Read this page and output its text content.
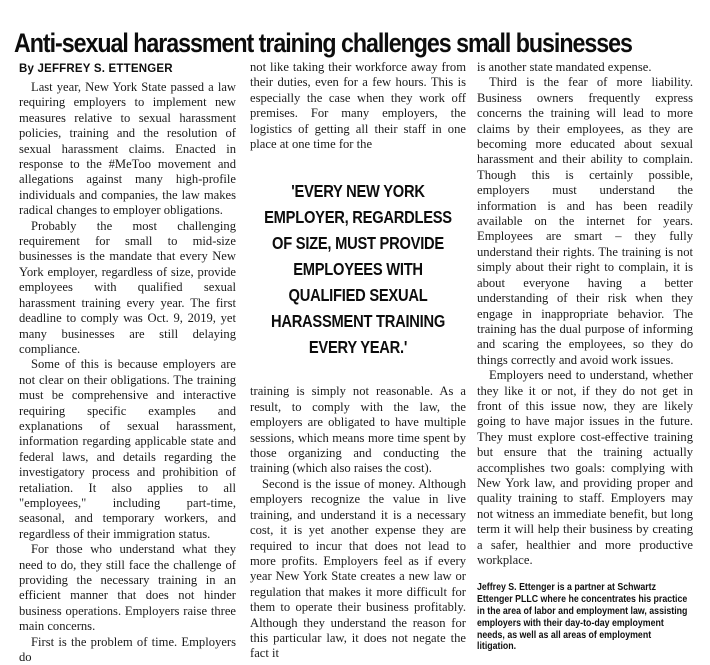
Anti-sexual harassment training challenges small businesses
By JEFFREY S. ETTENGER

Last year, New York State passed a law requiring employers to implement new measures relative to sexual harassment policies, training and the resolution of sexual harassment claims. Enacted in response to the #MeToo movement and allegations against many high-profile individuals and companies, the law makes radical changes to employer obligations.

Probably the most challenging requirement for small to mid-size businesses is the mandate that every New York employer, regardless of size, provide employees with qualified sexual harassment training every year. The first deadline to comply was Oct. 9, 2019, yet many businesses are still delaying compliance.

Some of this is because employers are not clear on their obligations. The training must be comprehensive and interactive requiring specific examples and explanations of sexual harassment, information regarding applicable state and federal laws, and details regarding the investigatory process and prohibition of retaliation. It also applies to all "employees," including part-time, seasonal, and temporary workers, and regardless of their immigration status.

For those who understand what they need to do, they still face the challenge of providing the necessary training in an efficient manner that does not hinder business operations. Employers raise three main concerns.

First is the problem of time. Employers do

not like taking their workforce away from their duties, even for a few hours. This is especially the case when they work off premises. For many employers, the logistics of getting all their staff in one place at one time for the

'EVERY NEW YORK EMPLOYER, REGARDLESS OF SIZE, MUST PROVIDE EMPLOYEES WITH QUALIFIED SEXUAL HARASSMENT TRAINING EVERY YEAR.'

training is simply not reasonable. As a result, to comply with the law, the employers are obligated to have multiple sessions, which means more time spent by those organizing and conducting the training (which also raises the cost).

Second is the issue of money. Although employers recognize the value in live training, and understand it is a necessary cost, it is yet another expense they are required to incur that does not lead to more profits. Employers feel as if every year New York State creates a new law or regulation that makes it more difficult for them to operate their business profitably. Although they understand the reason for this particular law, it does not negate the fact it

is another state mandated expense.

Third is the fear of more liability. Business owners frequently express concerns the training will lead to more claims by their employees, as they are becoming more educated about sexual harassment and their ability to complain. Though this is certainly possible, employers must understand the information is and has been readily available on the internet for years. Employees are smart – they fully understand their rights. The training is not simply about their right to complain, it is about everyone having a better understanding of their risk when they engage in inappropriate behavior. The training has the dual purpose of informing and scaring the employees, so they do things correctly and avoid work issues.

Employers need to understand, whether they like it or not, if they do not get in front of this issue now, they are likely going to have major issues in the future. They must explore cost-effective training but ensure that the training actually accomplishes two goals: complying with New York law, and providing proper and quality training to staff. Employers may not witness an immediate benefit, but long term it will help their business by creating a safer, healthier and more productive workplace.

Jeffrey S. Ettenger is a partner at Schwartz Ettenger PLLC where he concentrates his practice in the area of labor and employment law, assisting employers with their day-to-day employment needs, as well as all areas of employment litigation.
